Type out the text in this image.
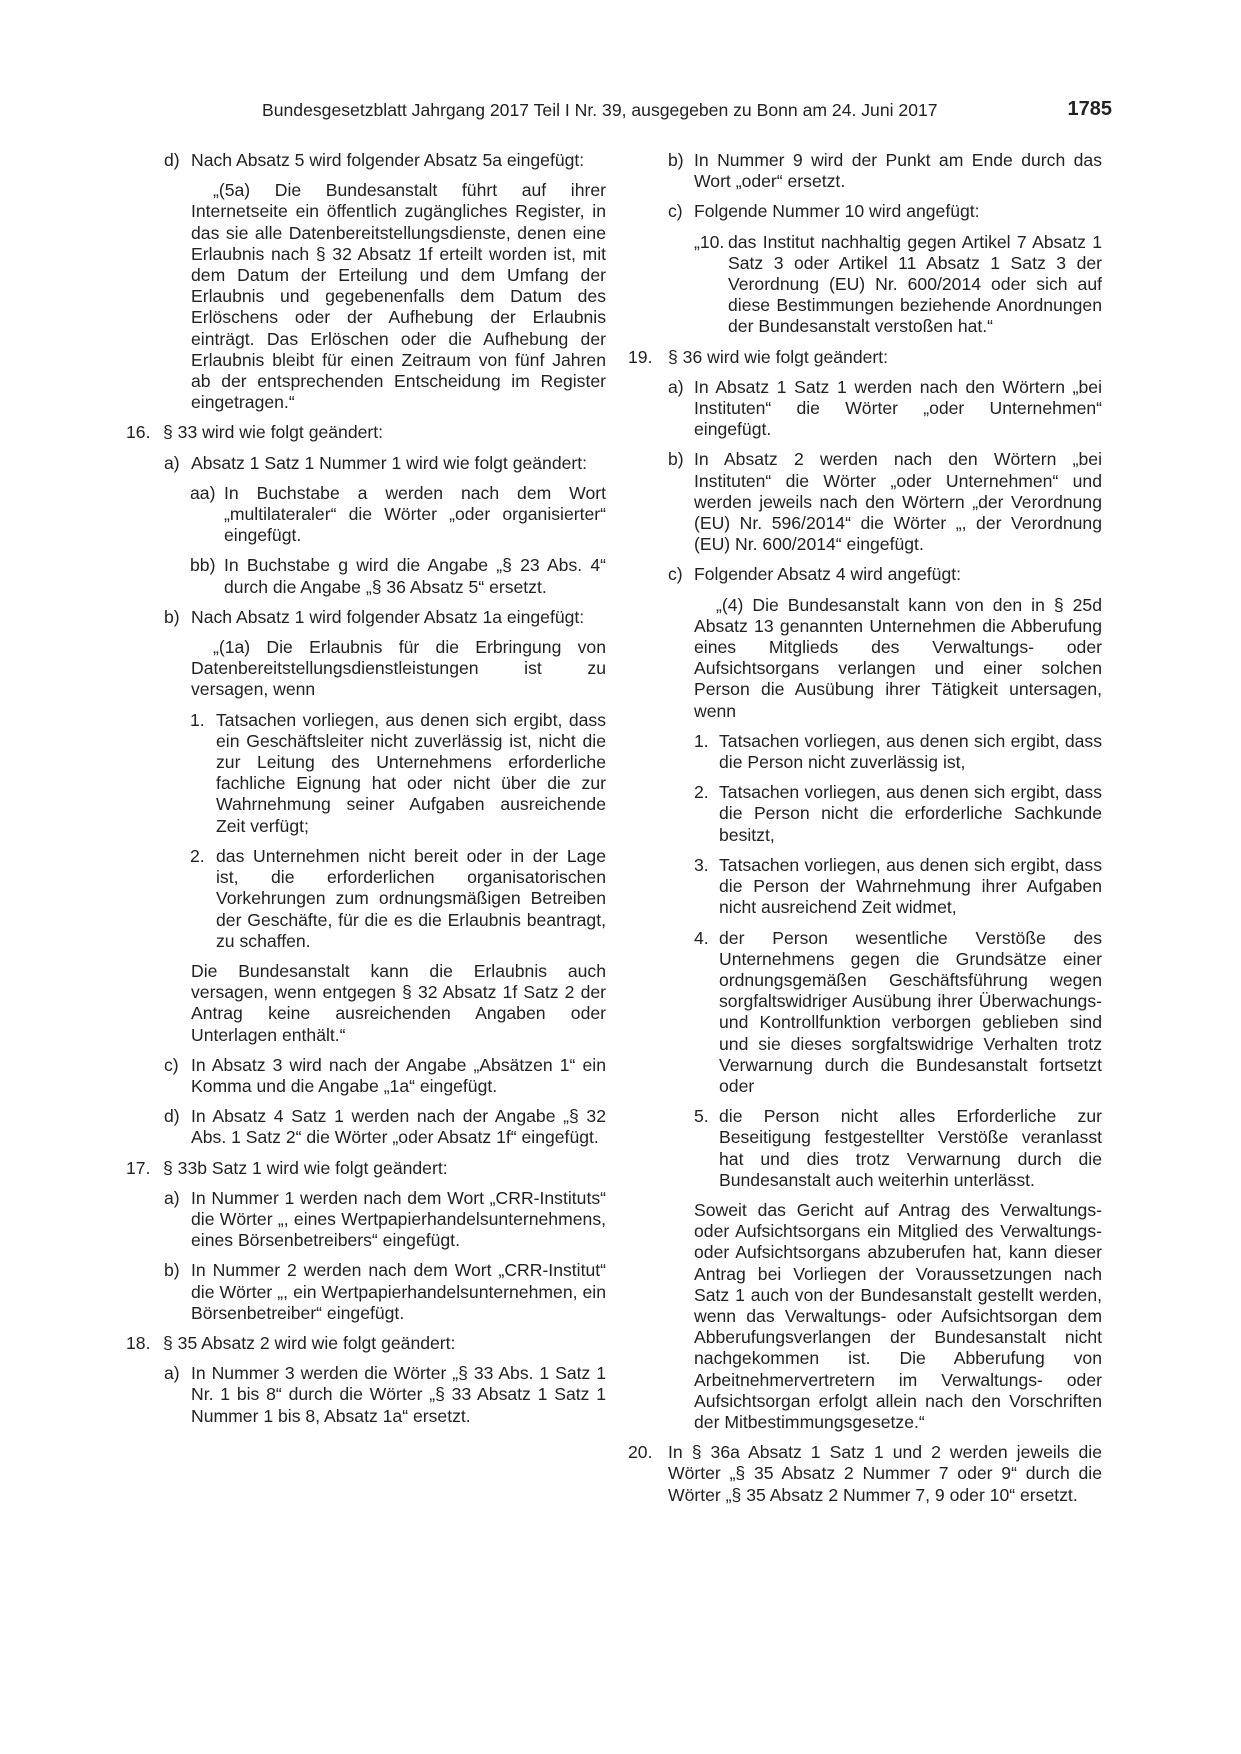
Bundesgesetzblatt Jahrgang 2017 Teil I Nr. 39, ausgegeben zu Bonn am 24. Juni 2017	1785
d) Nach Absatz 5 wird folgender Absatz 5a eingefügt:
„(5a) Die Bundesanstalt führt auf ihrer Internetseite ein öffentlich zugängliches Register, in das sie alle Datenbereitstellungsdienste, denen eine Erlaubnis nach § 32 Absatz 1f erteilt worden ist, mit dem Datum der Erteilung und dem Umfang der Erlaubnis und gegebenenfalls dem Datum des Erlöschens oder der Aufhebung der Erlaubnis einträgt. Das Erlöschen oder die Aufhebung der Erlaubnis bleibt für einen Zeitraum von fünf Jahren ab der entsprechenden Entscheidung im Register eingetragen.“
16. § 33 wird wie folgt geändert:
a) Absatz 1 Satz 1 Nummer 1 wird wie folgt geändert:
aa) In Buchstabe a werden nach dem Wort „multilateraler“ die Wörter „oder organisierter“ eingefügt.
bb) In Buchstabe g wird die Angabe „§ 23 Abs. 4“ durch die Angabe „§ 36 Absatz 5“ ersetzt.
b) Nach Absatz 1 wird folgender Absatz 1a eingefügt:
„(1a) Die Erlaubnis für die Erbringung von Datenbereitstellungsdienstleistungen ist zu versagen, wenn
1. Tatsachen vorliegen, aus denen sich ergibt, dass ein Geschäftsleiter nicht zuverlässig ist, nicht die zur Leitung des Unternehmens erforderliche fachliche Eignung hat oder nicht über die zur Wahrnehmung seiner Aufgaben ausreichende Zeit verfügt;
2. das Unternehmen nicht bereit oder in der Lage ist, die erforderlichen organisatorischen Vorkehrungen zum ordnungsmäßigen Betreiben der Geschäfte, für die es die Erlaubnis beantragt, zu schaffen.
Die Bundesanstalt kann die Erlaubnis auch versagen, wenn entgegen § 32 Absatz 1f Satz 2 der Antrag keine ausreichenden Angaben oder Unterlagen enthält.“
c) In Absatz 3 wird nach der Angabe „Absätzen 1“ ein Komma und die Angabe „1a“ eingefügt.
d) In Absatz 4 Satz 1 werden nach der Angabe „§ 32 Abs. 1 Satz 2“ die Wörter „oder Absatz 1f“ eingefügt.
17. § 33b Satz 1 wird wie folgt geändert:
a) In Nummer 1 werden nach dem Wort „CRR-Instituts“ die Wörter „, eines Wertpapierhandelsunternehmens, eines Börsenbetreibers“ eingefügt.
b) In Nummer 2 werden nach dem Wort „CRR-Institut“ die Wörter „, ein Wertpapierhandelsunternehmen, ein Börsenbetreiber“ eingefügt.
18. § 35 Absatz 2 wird wie folgt geändert:
a) In Nummer 3 werden die Wörter „§ 33 Abs. 1 Satz 1 Nr. 1 bis 8“ durch die Wörter „§ 33 Absatz 1 Satz 1 Nummer 1 bis 8, Absatz 1a“ ersetzt.
b) In Nummer 9 wird der Punkt am Ende durch das Wort „oder“ ersetzt.
c) Folgende Nummer 10 wird angefügt:
„10. das Institut nachhaltig gegen Artikel 7 Absatz 1 Satz 3 oder Artikel 11 Absatz 1 Satz 3 der Verordnung (EU) Nr. 600/2014 oder sich auf diese Bestimmungen beziehende Anordnungen der Bundesanstalt verstoßen hat.“
19. § 36 wird wie folgt geändert:
a) In Absatz 1 Satz 1 werden nach den Wörtern „bei Instituten“ die Wörter „oder Unternehmen“ eingefügt.
b) In Absatz 2 werden nach den Wörtern „bei Instituten“ die Wörter „oder Unternehmen“ und werden jeweils nach den Wörtern „der Verordnung (EU) Nr. 596/2014“ die Wörter „, der Verordnung (EU) Nr. 600/2014“ eingefügt.
c) Folgender Absatz 4 wird angefügt:
„(4) Die Bundesanstalt kann von den in § 25d Absatz 13 genannten Unternehmen die Abberufung eines Mitglieds des Verwaltungs- oder Aufsichtsorgans verlangen und einer solchen Person die Ausübung ihrer Tätigkeit untersagen, wenn
1. Tatsachen vorliegen, aus denen sich ergibt, dass die Person nicht zuverlässig ist,
2. Tatsachen vorliegen, aus denen sich ergibt, dass die Person nicht die erforderliche Sachkunde besitzt,
3. Tatsachen vorliegen, aus denen sich ergibt, dass die Person der Wahrnehmung ihrer Aufgaben nicht ausreichend Zeit widmet,
4. der Person wesentliche Verstöße des Unternehmens gegen die Grundsätze einer ordnungsgemäßen Geschäftsführung wegen sorgfaltswidriger Ausübung ihrer Überwachungs- und Kontrollfunktion verborgen geblieben sind und sie dieses sorgfaltswidrige Verhalten trotz Verwarnung durch die Bundesanstalt fortsetzt oder
5. die Person nicht alles Erforderliche zur Beseitigung festgestellter Verstöße veranlasst hat und dies trotz Verwarnung durch die Bundesanstalt auch weiterhin unterlässt.
Soweit das Gericht auf Antrag des Verwaltungs- oder Aufsichtsorgans ein Mitglied des Verwaltungs- oder Aufsichtsorgans abzuberufen hat, kann dieser Antrag bei Vorliegen der Voraussetzungen nach Satz 1 auch von der Bundesanstalt gestellt werden, wenn das Verwaltungs- oder Aufsichtsorgan dem Abberufungsverlangen der Bundesanstalt nicht nachgekommen ist. Die Abberufung von Arbeitnehmervertretern im Verwaltungs- oder Aufsichtsorgan erfolgt allein nach den Vorschriften der Mitbestimmungsgesetze.“
20. In § 36a Absatz 1 Satz 1 und 2 werden jeweils die Wörter „§ 35 Absatz 2 Nummer 7 oder 9“ durch die Wörter „§ 35 Absatz 2 Nummer 7, 9 oder 10“ ersetzt.
